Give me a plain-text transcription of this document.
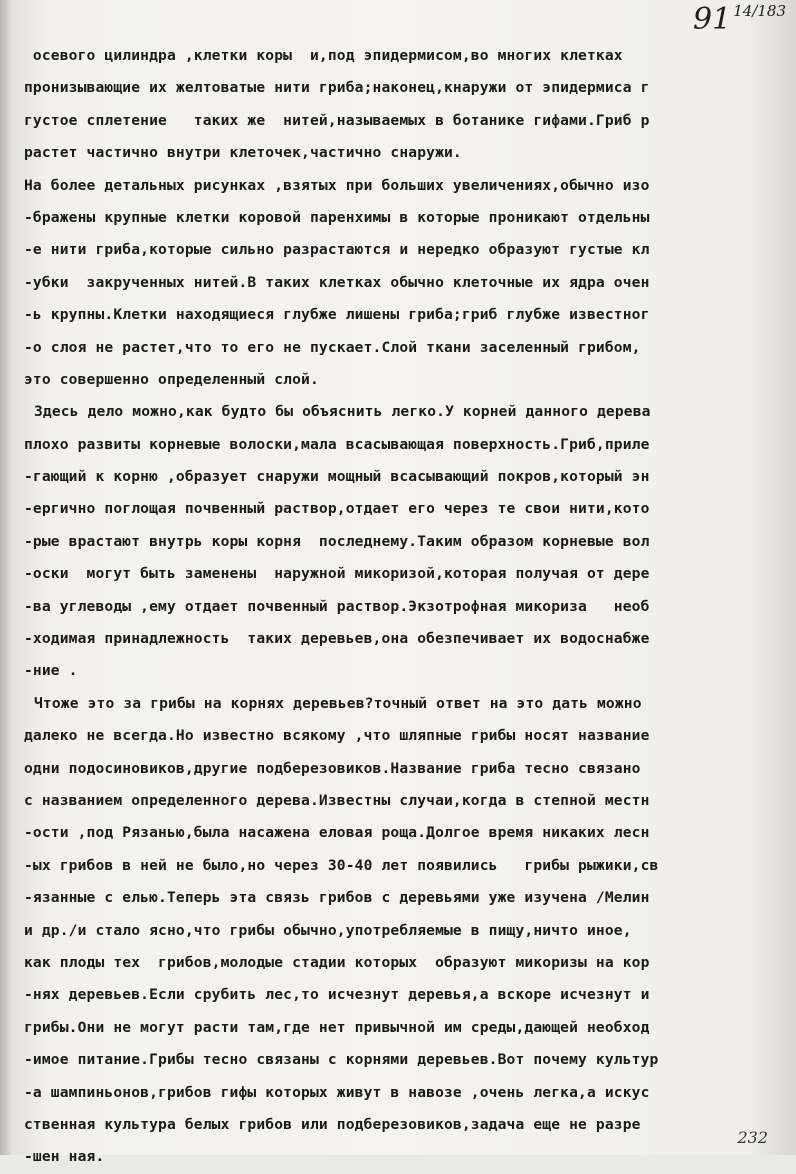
91 $^{14/183}$
осевого цилиндра ,клетки коры  и,под эпидермисом,во многих клетках
пронизывающие их желтоватые нити гриба;наконец,кнаружи от эпидермиса г
густое сплетение   таких же  нитей,называемых в ботанике гифами.Гриб р
растет частично внутри клеточек,частично снаружи.
На более детальных рисунках ,взятых при больших увеличениях,обычно изо
-бражены крупные клетки коровой паренхимы в которые проникают отдельны
-е нити гриба,которые сильно разрастаются и нередко образуют густые кл
-убки  закрученных нитей.В таких клетках обычно клеточные их ядра очен
-ь крупны.Клетки находящиеся глубже лишены гриба;гриб глубже известног
-о слоя не растет,что то его не пускает.Слой ткани заселенный грибом,
это совершенно определенный слой.
Здесь дело можно,как будто бы объяснить легко.У корней данного дерева
плохо развиты корневые волоски,мала всасывающая поверхность.Гриб,приле
-гающий к корню ,образует снаружи мощный всасывающий покров,который эн
-ергично поглощая почвенный раствор,отдает его через те свои нити,кото
-рые врастают внутрь коры корня  последнему.Таким образом корневые вол
-оски  могут быть заменены  наружной микоризой,которая получая от дере
-ва углеводы ,ему отдает почвенный раствор.Экзотрофная микориза   необ
-ходимая принадлежность  таких деревьев,она обезпечивает их водоснабже
-ние .
Чтоже это за грибы на корнях деревьев?точный ответ на это дать можно
далеко не всегда.Но известно всякому ,что шляпные грибы носят название
одни подосиновиков,другие подберезовиков.Название гриба тесно связано
с названием определенного дерева.Известны случаи,когда в степной местн
-ости ,под Рязанью,была насажена еловая роща.Долгое время никаких лесн
-ых грибов в ней не было,но через 30-40 лет появились   грибы рыжики,св
-язанные с елью.Теперь эта связь грибов с деревьями уже изучена /Мелин
и др./и стало ясно,что грибы обычно,употребляемые в пищу,ничто иное,
как плоды тех  грибов,молодые стадии которых  образуют микоризы на кор
-нях деревьев.Если срубить лес,то исчезнут деревья,а вскоре исчезнут и
грибы.Они не могут расти там,где нет привычной им среды,дающей необход
-имое питание.Грибы тесно связаны с корнями деревьев.Вот почему культур
-а шампиньонов,грибов гифы которых живут в навозе ,очень легка,а искус
ственная культура белых грибов или подберезовиков,задача еще не разре
-шен ная.
232
